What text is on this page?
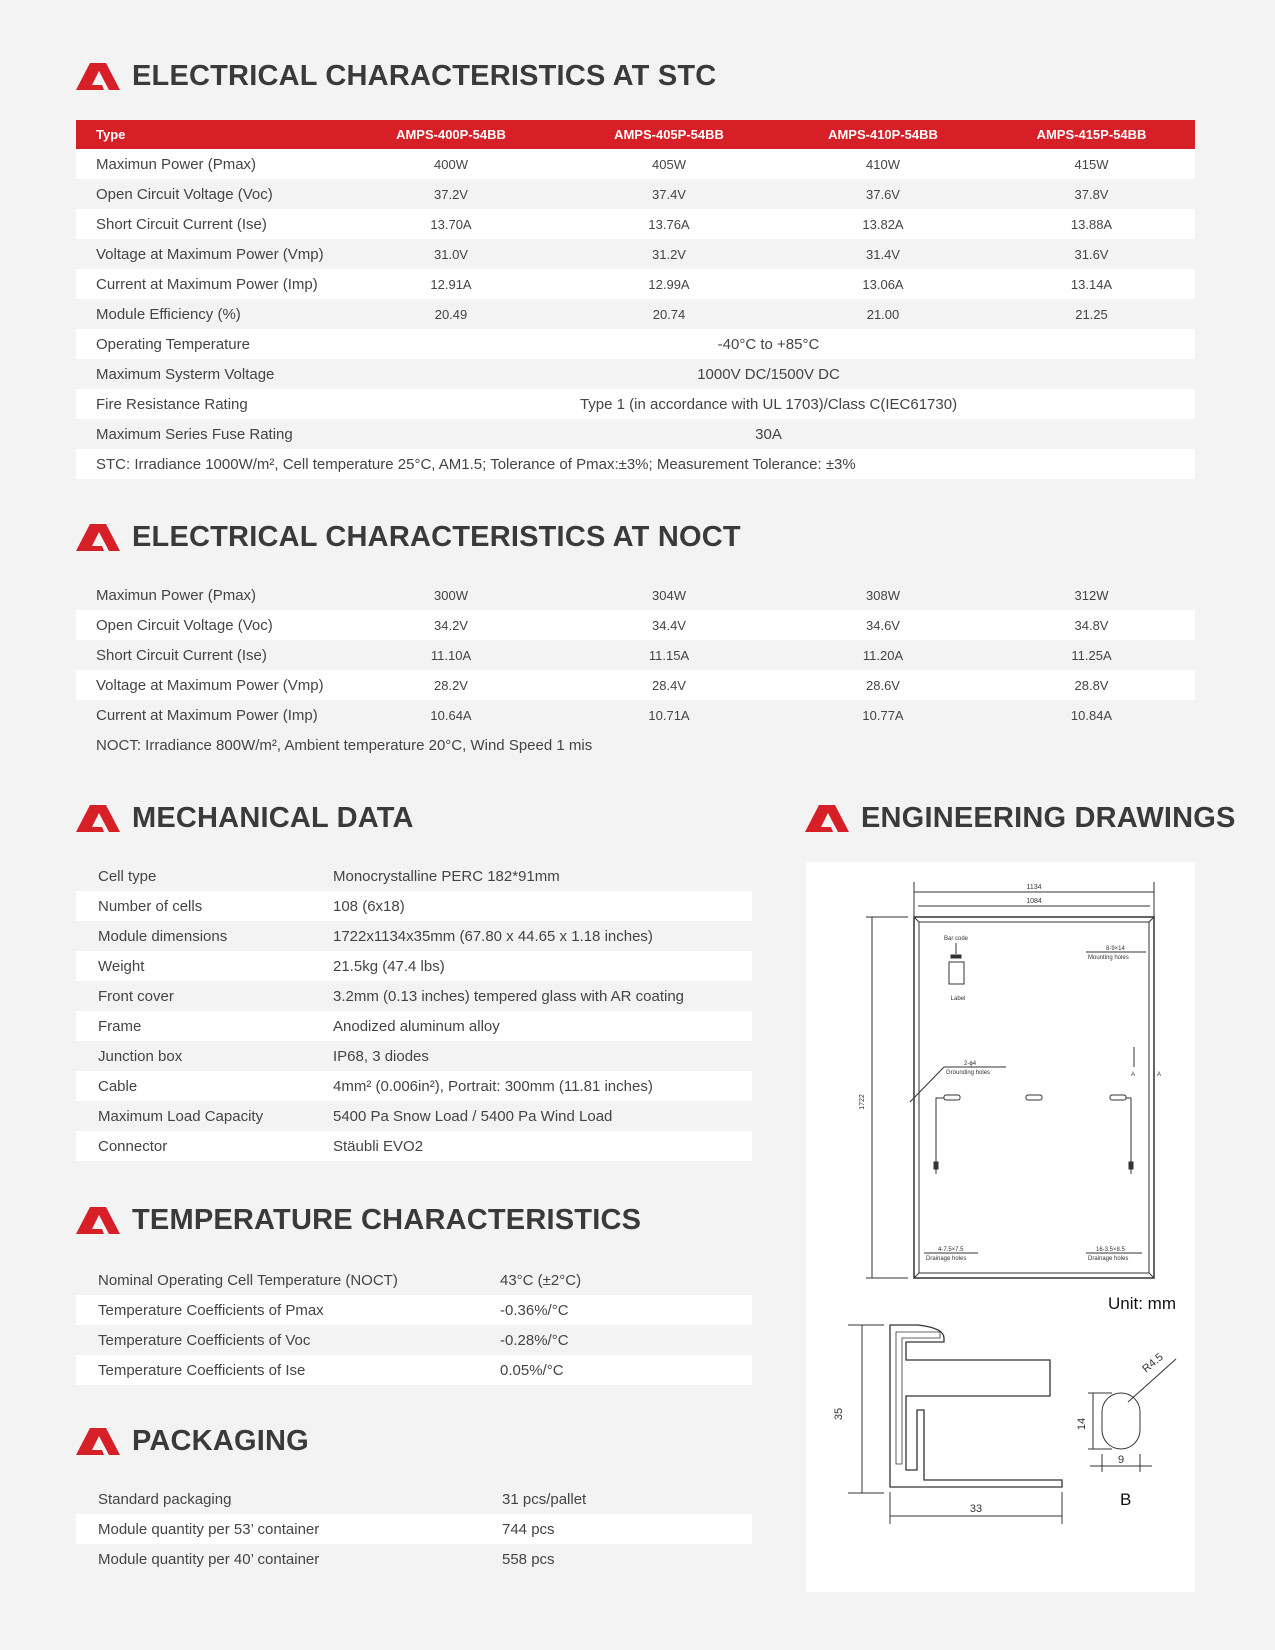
ELECTRICAL CHARACTERISTICS AT STC
Type	AMPS-400P-54BB	AMPS-405P-54BB	AMPS-410P-54BB	AMPS-415P-54BB
Maximun Power (Pmax)	400W	405W	410W	415W
Open Circuit Voltage (Voc)	37.2V	37.4V	37.6V	37.8V
Short Circuit Current (Ise)	13.70A	13.76A	13.82A	13.88A
Voltage at Maximum Power (Vmp)	31.0V	31.2V	31.4V	31.6V
Current at Maximum Power (Imp)	12.91A	12.99A	13.06A	13.14A
Module Efficiency (%)	20.49	20.74	21.00	21.25
Operating Temperature	-40°C to +85°C			
Maximum Systerm Voltage	1000V DC/1500V DC			
Fire Resistance Rating	Type 1 (in accordance with UL 1703)/Class C(IEC61730)			
Maximum Series Fuse Rating	30A			
STC: Irradiance 1000W/m², Cell temperature 25°C, AM1.5; Tolerance of Pmax:±3%; Measurement Tolerance: ±3%				
ELECTRICAL CHARACTERISTICS AT NOCT
Maximun Power (Pmax)	300W	304W	308W	312W
Open Circuit Voltage (Voc)	34.2V	34.4V	34.6V	34.8V
Short Circuit Current (Ise)	11.10A	11.15A	11.20A	11.25A
Voltage at Maximum Power (Vmp)	28.2V	28.4V	28.6V	28.8V
Current at Maximum Power (Imp)	10.64A	10.71A	10.77A	10.84A
NOCT: Irradiance 800W/m², Ambient temperature 20°C, Wind Speed 1 mis				
MECHANICAL DATA
Cell type	Monocrystalline PERC 182*91mm
Number of cells	108 (6x18)
Module dimensions	1722x1134x35mm (67.80 x 44.65 x 1.18 inches)
Weight	21.5kg (47.4 lbs)
Front cover	3.2mm (0.13 inches) tempered glass with AR coating
Frame	Anodized aluminum alloy
Junction box	IP68, 3 diodes
Cable	4mm² (0.006in²), Portrait: 300mm (11.81 inches)
Maximum Load Capacity	5400 Pa Snow Load / 5400 Pa Wind Load
Connector	Stäubli EVO2
ENGINEERING DRAWINGS
1134
1084
1722
Bar code
Label
8-9×14
Mounting holes
2-ϕ4
Grounding holes	A	A
4-7.5×7.5
Drainage holes
16-3.5×8.5
Drainage holes
35
33
14
9
R4.5
Unit: mm
B
TEMPERATURE CHARACTERISTICS
Nominal Operating Cell Temperature (NOCT)	43°C (±2°C)
Temperature Coefficients of Pmax	-0.36%/°C
Temperature Coefficients of Voc	-0.28%/°C
Temperature Coefficients of Ise	0.05%/°C
PACKAGING
Standard packaging	31 pcs/pallet
Module quantity per 53’ container	744 pcs
Module quantity per 40’ container	558 pcs
